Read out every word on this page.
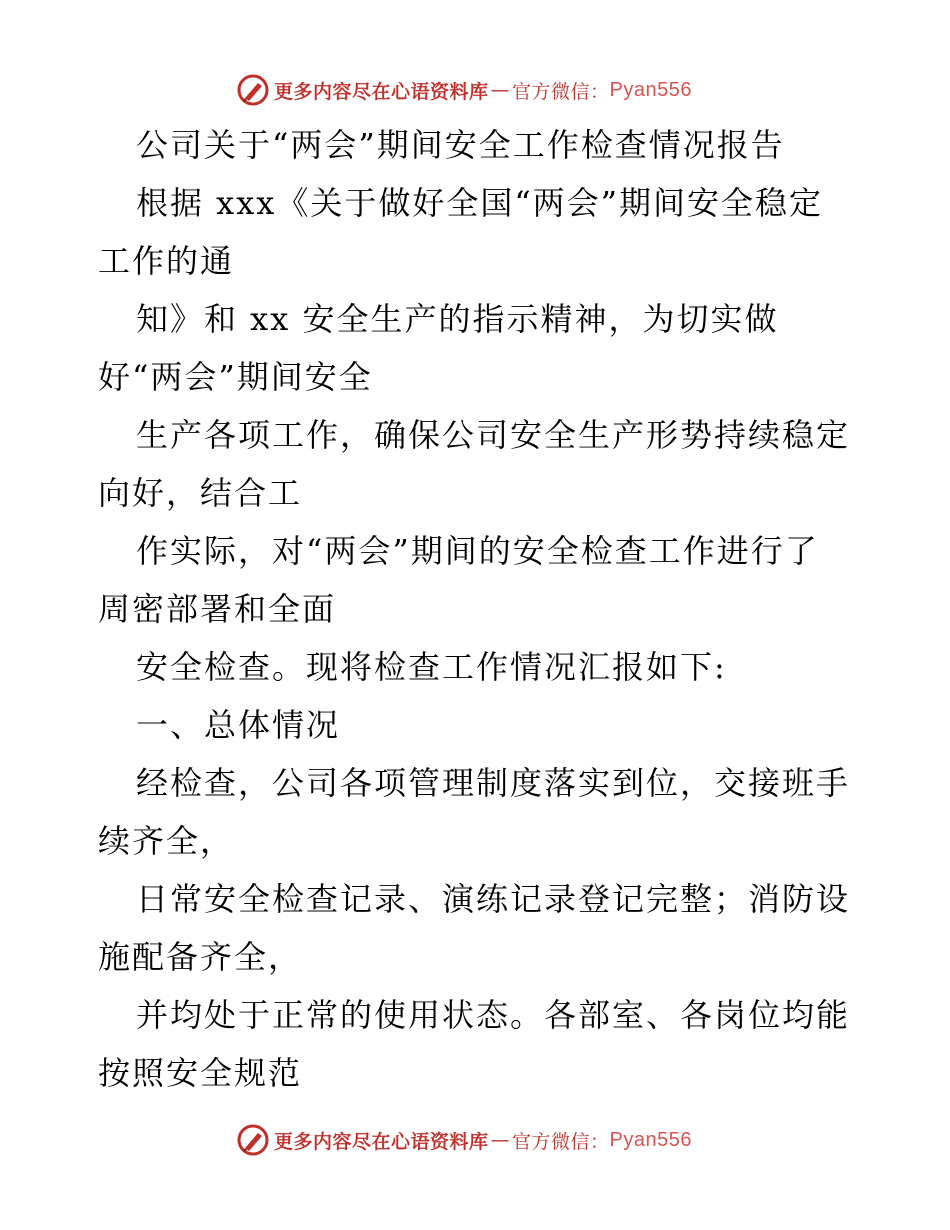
更多内容尽在心语资料库 — 官方微信： Pyan556
公司关于“两会”期间安全工作检查情况报告
根据 xxx《关于做好全国“两会”期间安全稳定
工作的通
知》和 xx 安全生产的指示精神，为切实做
好“两会”期间安全
生产各项工作，确保公司安全生产形势持续稳定
向好，结合工
作实际，对“两会”期间的安全检查工作进行了
周密部署和全面
安全检查。现将检查工作情况汇报如下:
一、总体情况
经检查，公司各项管理制度落实到位，交接班手
续齐全，
日常安全检查记录、演练记录登记完整；消防设
施配备齐全，
并均处于正常的使用状态。各部室、各岗位均能
按照安全规范
更多内容尽在心语资料库 — 官方微信： Pyan556
